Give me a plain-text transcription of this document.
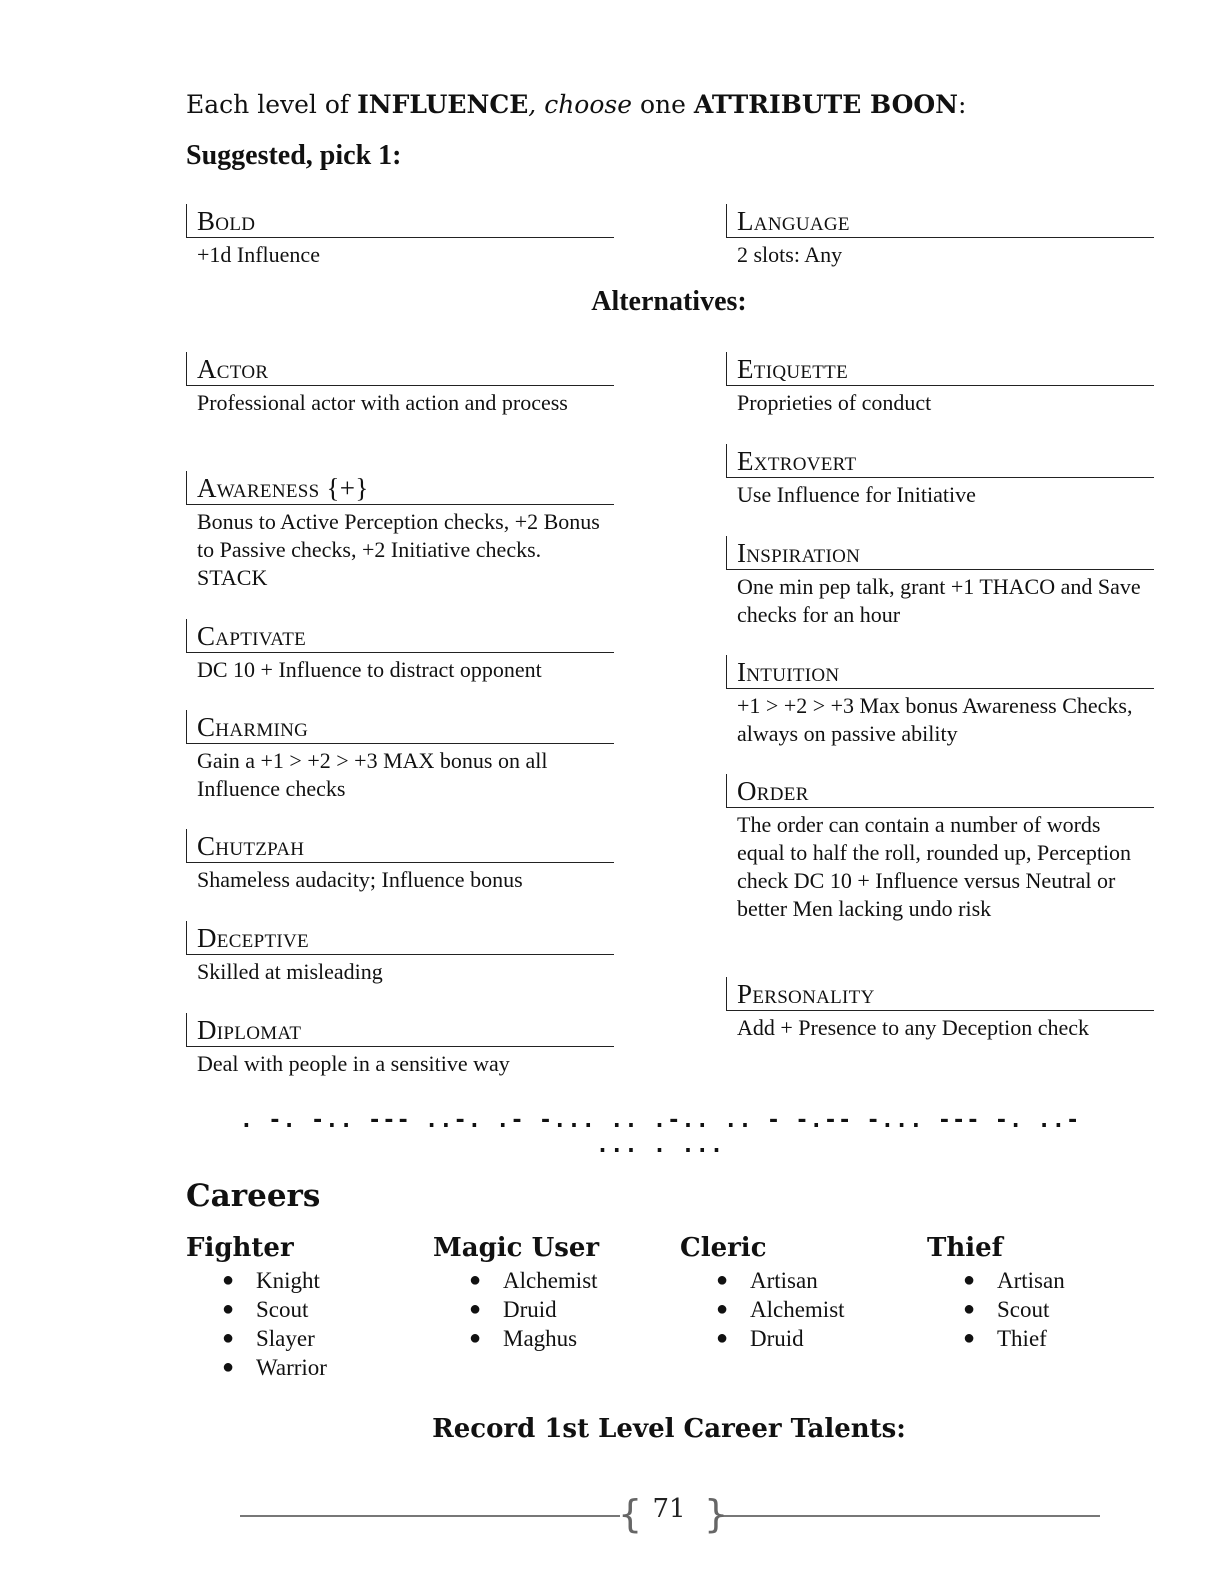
Each level of INFLUENCE, choose one ATTRIBUTE BOON:
Suggested, pick 1:
Bold
+1d Influence
Language
2 slots: Any
Alternatives:
Actor
Professional actor with action and process
Awareness {+}
Bonus to Active Perception checks, +2 Bonus to Passive checks, +2 Initiative checks. STACK
Captivate
DC 10 + Influence to distract opponent
Charming
Gain a +1 > +2 > +3 MAX bonus on all Influence checks
Chutzpah
Shameless audacity; Influence bonus
Deceptive
Skilled at misleading
Diplomat
Deal with people in a sensitive way
Etiquette
Proprieties of conduct
Extrovert
Use Influence for Initiative
Inspiration
One min pep talk, grant +1 THACO and Save checks for an hour
Intuition
+1 > +2 > +3 Max bonus Awareness Checks, always on passive ability
Order
The order can contain a number of words equal to half the roll, rounded up, Perception check DC 10 + Influence versus Neutral or better Men lacking undo risk
Personality
Add + Presence to any Deception check
. -. -.. --- ..-. .- -... .. .-.. .. - -.-- -... --- -. ..- ... . ...
Careers
Fighter
● Knight
● Scout
● Slayer
● Warrior
Magic User
● Alchemist
● Druid
● Maghus
Cleric
● Artisan
● Alchemist
● Druid
Thief
● Artisan
● Scout
● Thief
Record 1st Level Career Talents:
{ }
71
